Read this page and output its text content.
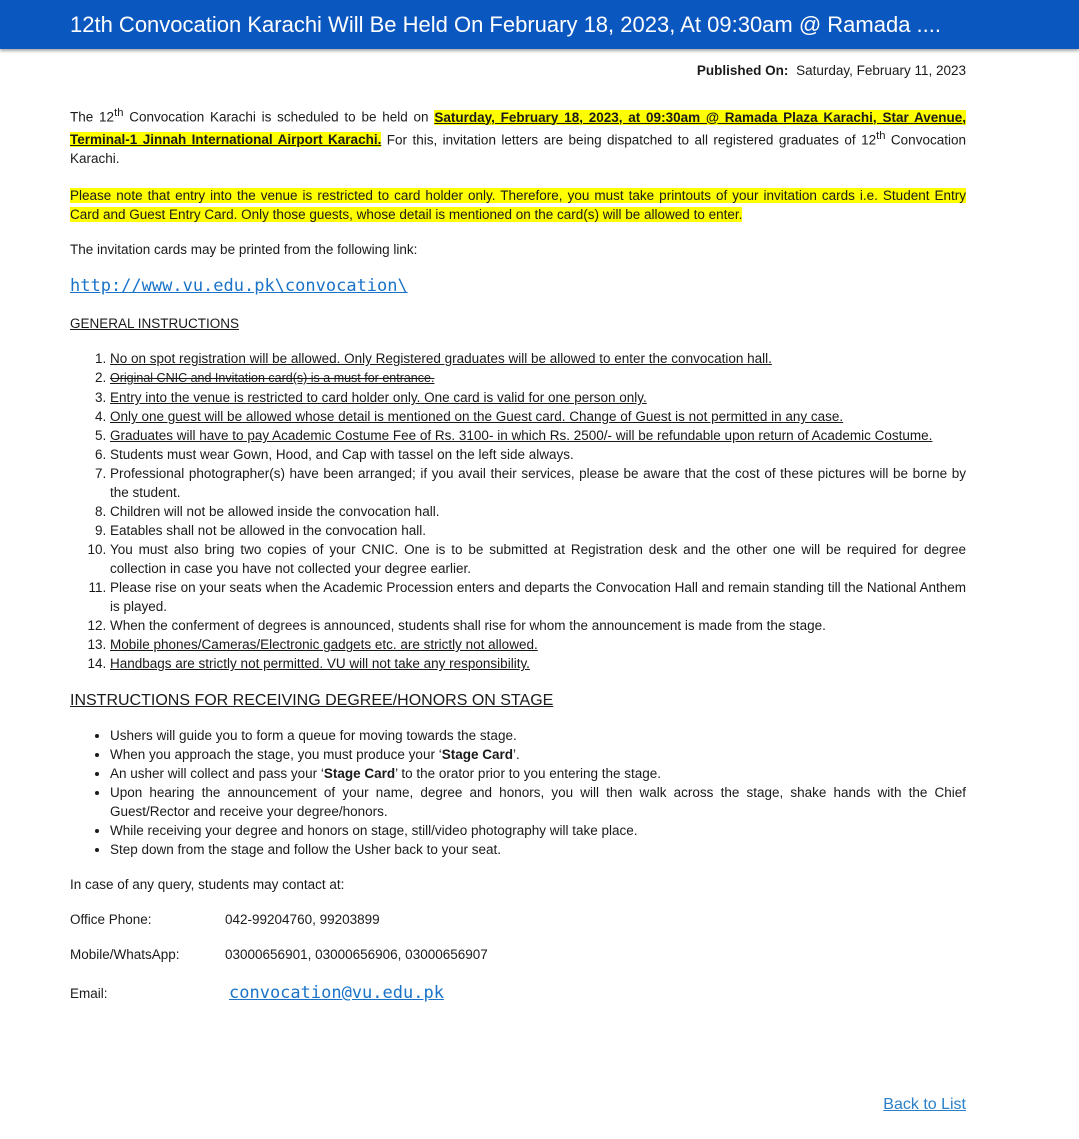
12th Convocation Karachi Will Be Held On February 18, 2023, At 09:30am @ Ramada ....
Published On: Saturday, February 11, 2023

The 12th Convocation Karachi is scheduled to be held on Saturday, February 18, 2023, at 09:30am @ Ramada Plaza Karachi, Star Avenue, Terminal-1 Jinnah International Airport Karachi. For this, invitation letters are being dispatched to all registered graduates of 12th Convocation Karachi.

Please note that entry into the venue is restricted to card holder only. Therefore, you must take printouts of your invitation cards i.e. Student Entry Card and Guest Entry Card. Only those guests, whose detail is mentioned on the card(s) will be allowed to enter.

The invitation cards may be printed from the following link:

http://www.vu.edu.pk\convocation\

GENERAL INSTRUCTIONS

1. No on spot registration will be allowed. Only Registered graduates will be allowed to enter the convocation hall.
2. Original CNIC and Invitation card(s) is a must for entrance.
3. Entry into the venue is restricted to card holder only. One card is valid for one person only.
4. Only one guest will be allowed whose detail is mentioned on the Guest card. Change of Guest is not permitted in any case.
5. Graduates will have to pay Academic Costume Fee of Rs. 3100- in which Rs. 2500/- will be refundable upon return of Academic Costume.
6. Students must wear Gown, Hood, and Cap with tassel on the left side always.
7. Professional photographer(s) have been arranged; if you avail their services, please be aware that the cost of these pictures will be borne by the student.
8. Children will not be allowed inside the convocation hall.
9. Eatables shall not be allowed in the convocation hall.
10. You must also bring two copies of your CNIC. One is to be submitted at Registration desk and the other one will be required for degree collection in case you have not collected your degree earlier.
11. Please rise on your seats when the Academic Procession enters and departs the Convocation Hall and remain standing till the National Anthem is played.
12. When the conferment of degrees is announced, students shall rise for whom the announcement is made from the stage.
13. Mobile phones/Cameras/Electronic gadgets etc. are strictly not allowed.
14. Handbags are strictly not permitted. VU will not take any responsibility.

INSTRUCTIONS FOR RECEIVING DEGREE/HONORS ON STAGE

• Ushers will guide you to form a queue for moving towards the stage.
• When you approach the stage, you must produce your ‘Stage Card’.
• An usher will collect and pass your ‘Stage Card’ to the orator prior to you entering the stage.
• Upon hearing the announcement of your name, degree and honors, you will then walk across the stage, shake hands with the Chief Guest/Rector and receive your degree/honors.
• While receiving your degree and honors on stage, still/video photography will take place.
• Step down from the stage and follow the Usher back to your seat.

In case of any query, students may contact at:

Office Phone:	042-99204760, 99203899
Mobile/WhatsApp:	03000656901, 03000656906, 03000656907
Email:	convocation@vu.edu.pk
Back to List
